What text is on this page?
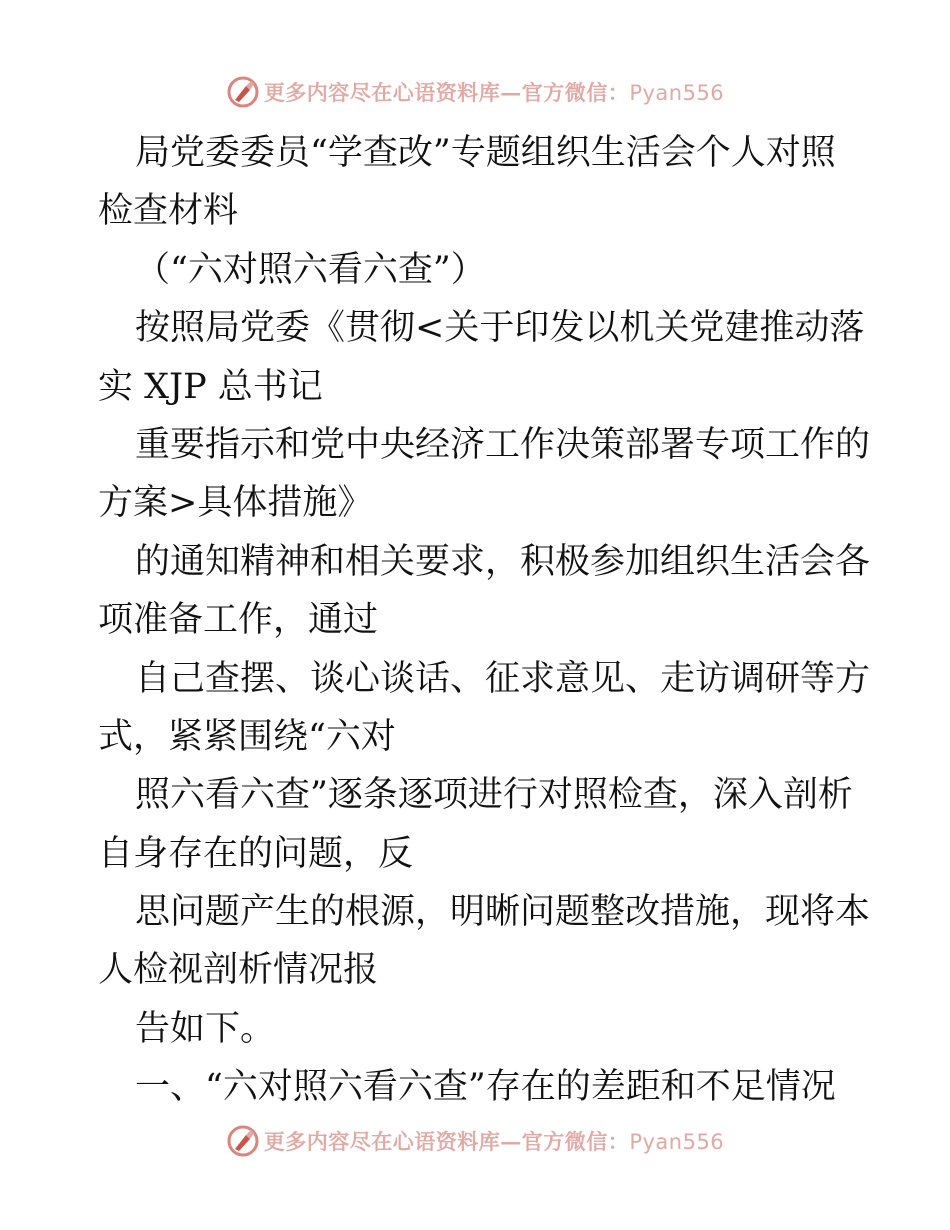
更多内容尽在心语资料库—官方微信：Pyan556
局党委委员“学查改”专题组织生活会个人对照
检查材料
（“六对照六看六查”）
按照局党委《贯彻<关于印发以机关党建推动落
实 XJP 总书记
重要指示和党中央经济工作决策部署专项工作的
方案>具体措施》
的通知精神和相关要求，积极参加组织生活会各
项准备工作，通过
自己查摆、谈心谈话、征求意见、走访调研等方
式，紧紧围绕“六对
照六看六查”逐条逐项进行对照检查，深入剖析
自身存在的问题，反
思问题产生的根源，明晰问题整改措施，现将本
人检视剖析情况报
告如下。
一、“六对照六看六查”存在的差距和不足情况
更多内容尽在心语资料库—官方微信：Pyan556
